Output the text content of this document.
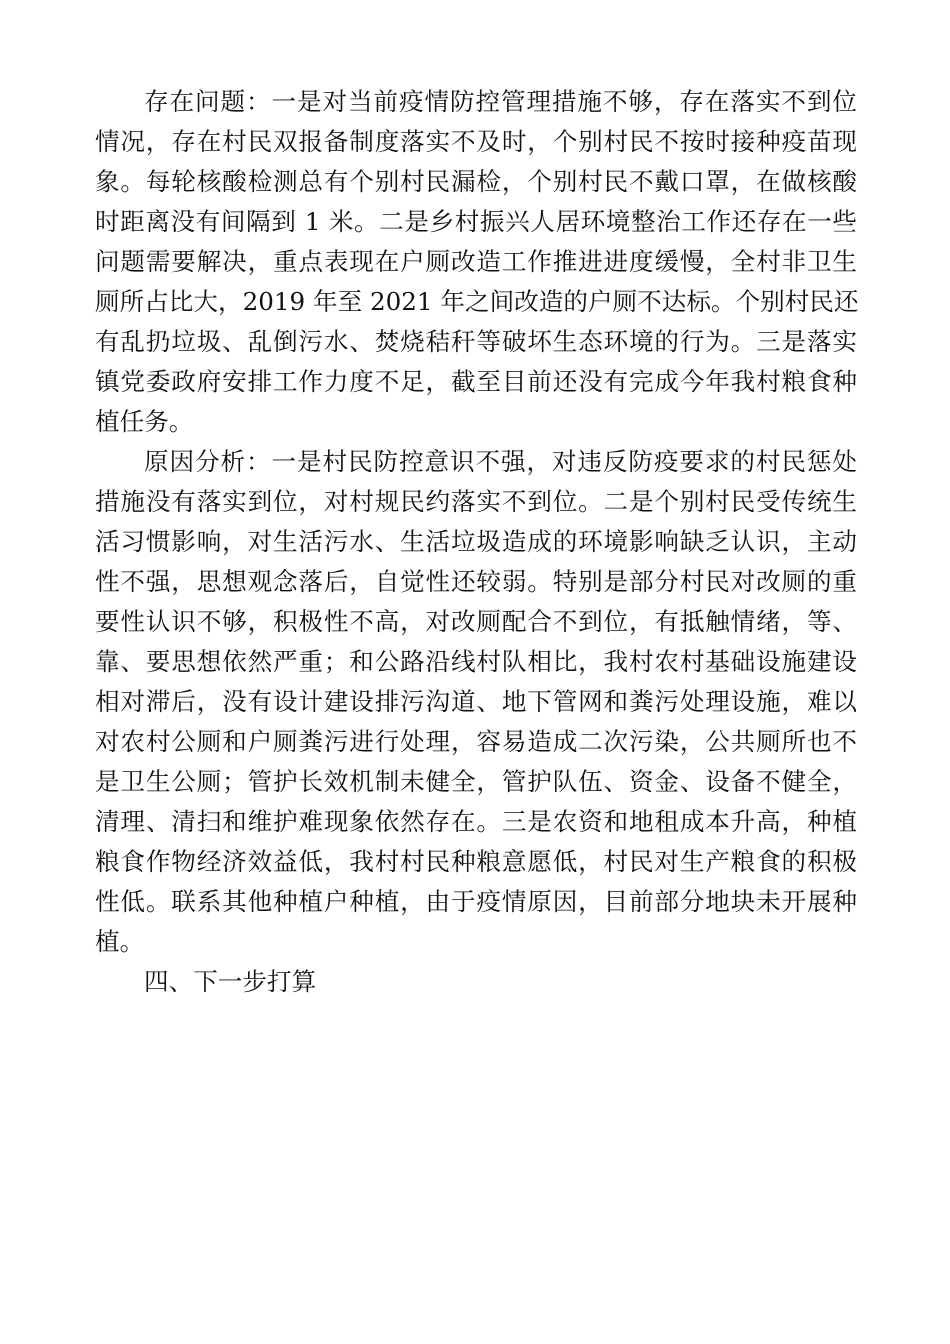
存在问题：一是对当前疫情防控管理措施不够，存在落实不到位
情况，存在村民双报备制度落实不及时，个别村民不按时接种疫苗现
象。每轮核酸检测总有个别村民漏检，个别村民不戴口罩，在做核酸
时距离没有间隔到 1 米。二是乡村振兴人居环境整治工作还存在一些
问题需要解决，重点表现在户厕改造工作推进进度缓慢，全村非卫生
厕所占比大，2019 年至 2021 年之间改造的户厕不达标。个别村民还
有乱扔垃圾、乱倒污水、焚烧秸秆等破坏生态环境的行为。三是落实
镇党委政府安排工作力度不足，截至目前还没有完成今年我村粮食种
植任务。
原因分析：一是村民防控意识不强，对违反防疫要求的村民惩处
措施没有落实到位，对村规民约落实不到位。二是个别村民受传统生
活习惯影响，对生活污水、生活垃圾造成的环境影响缺乏认识，主动
性不强，思想观念落后，自觉性还较弱。特别是部分村民对改厕的重
要性认识不够，积极性不高，对改厕配合不到位，有抵触情绪，等、
靠、要思想依然严重；和公路沿线村队相比，我村农村基础设施建设
相对滞后，没有设计建设排污沟道、地下管网和粪污处理设施，难以
对农村公厕和户厕粪污进行处理，容易造成二次污染，公共厕所也不
是卫生公厕；管护长效机制未健全，管护队伍、资金、设备不健全，
清理、清扫和维护难现象依然存在。三是农资和地租成本升高，种植
粮食作物经济效益低，我村村民种粮意愿低，村民对生产粮食的积极
性低。联系其他种植户种植，由于疫情原因，目前部分地块未开展种
植。
四、下一步打算
